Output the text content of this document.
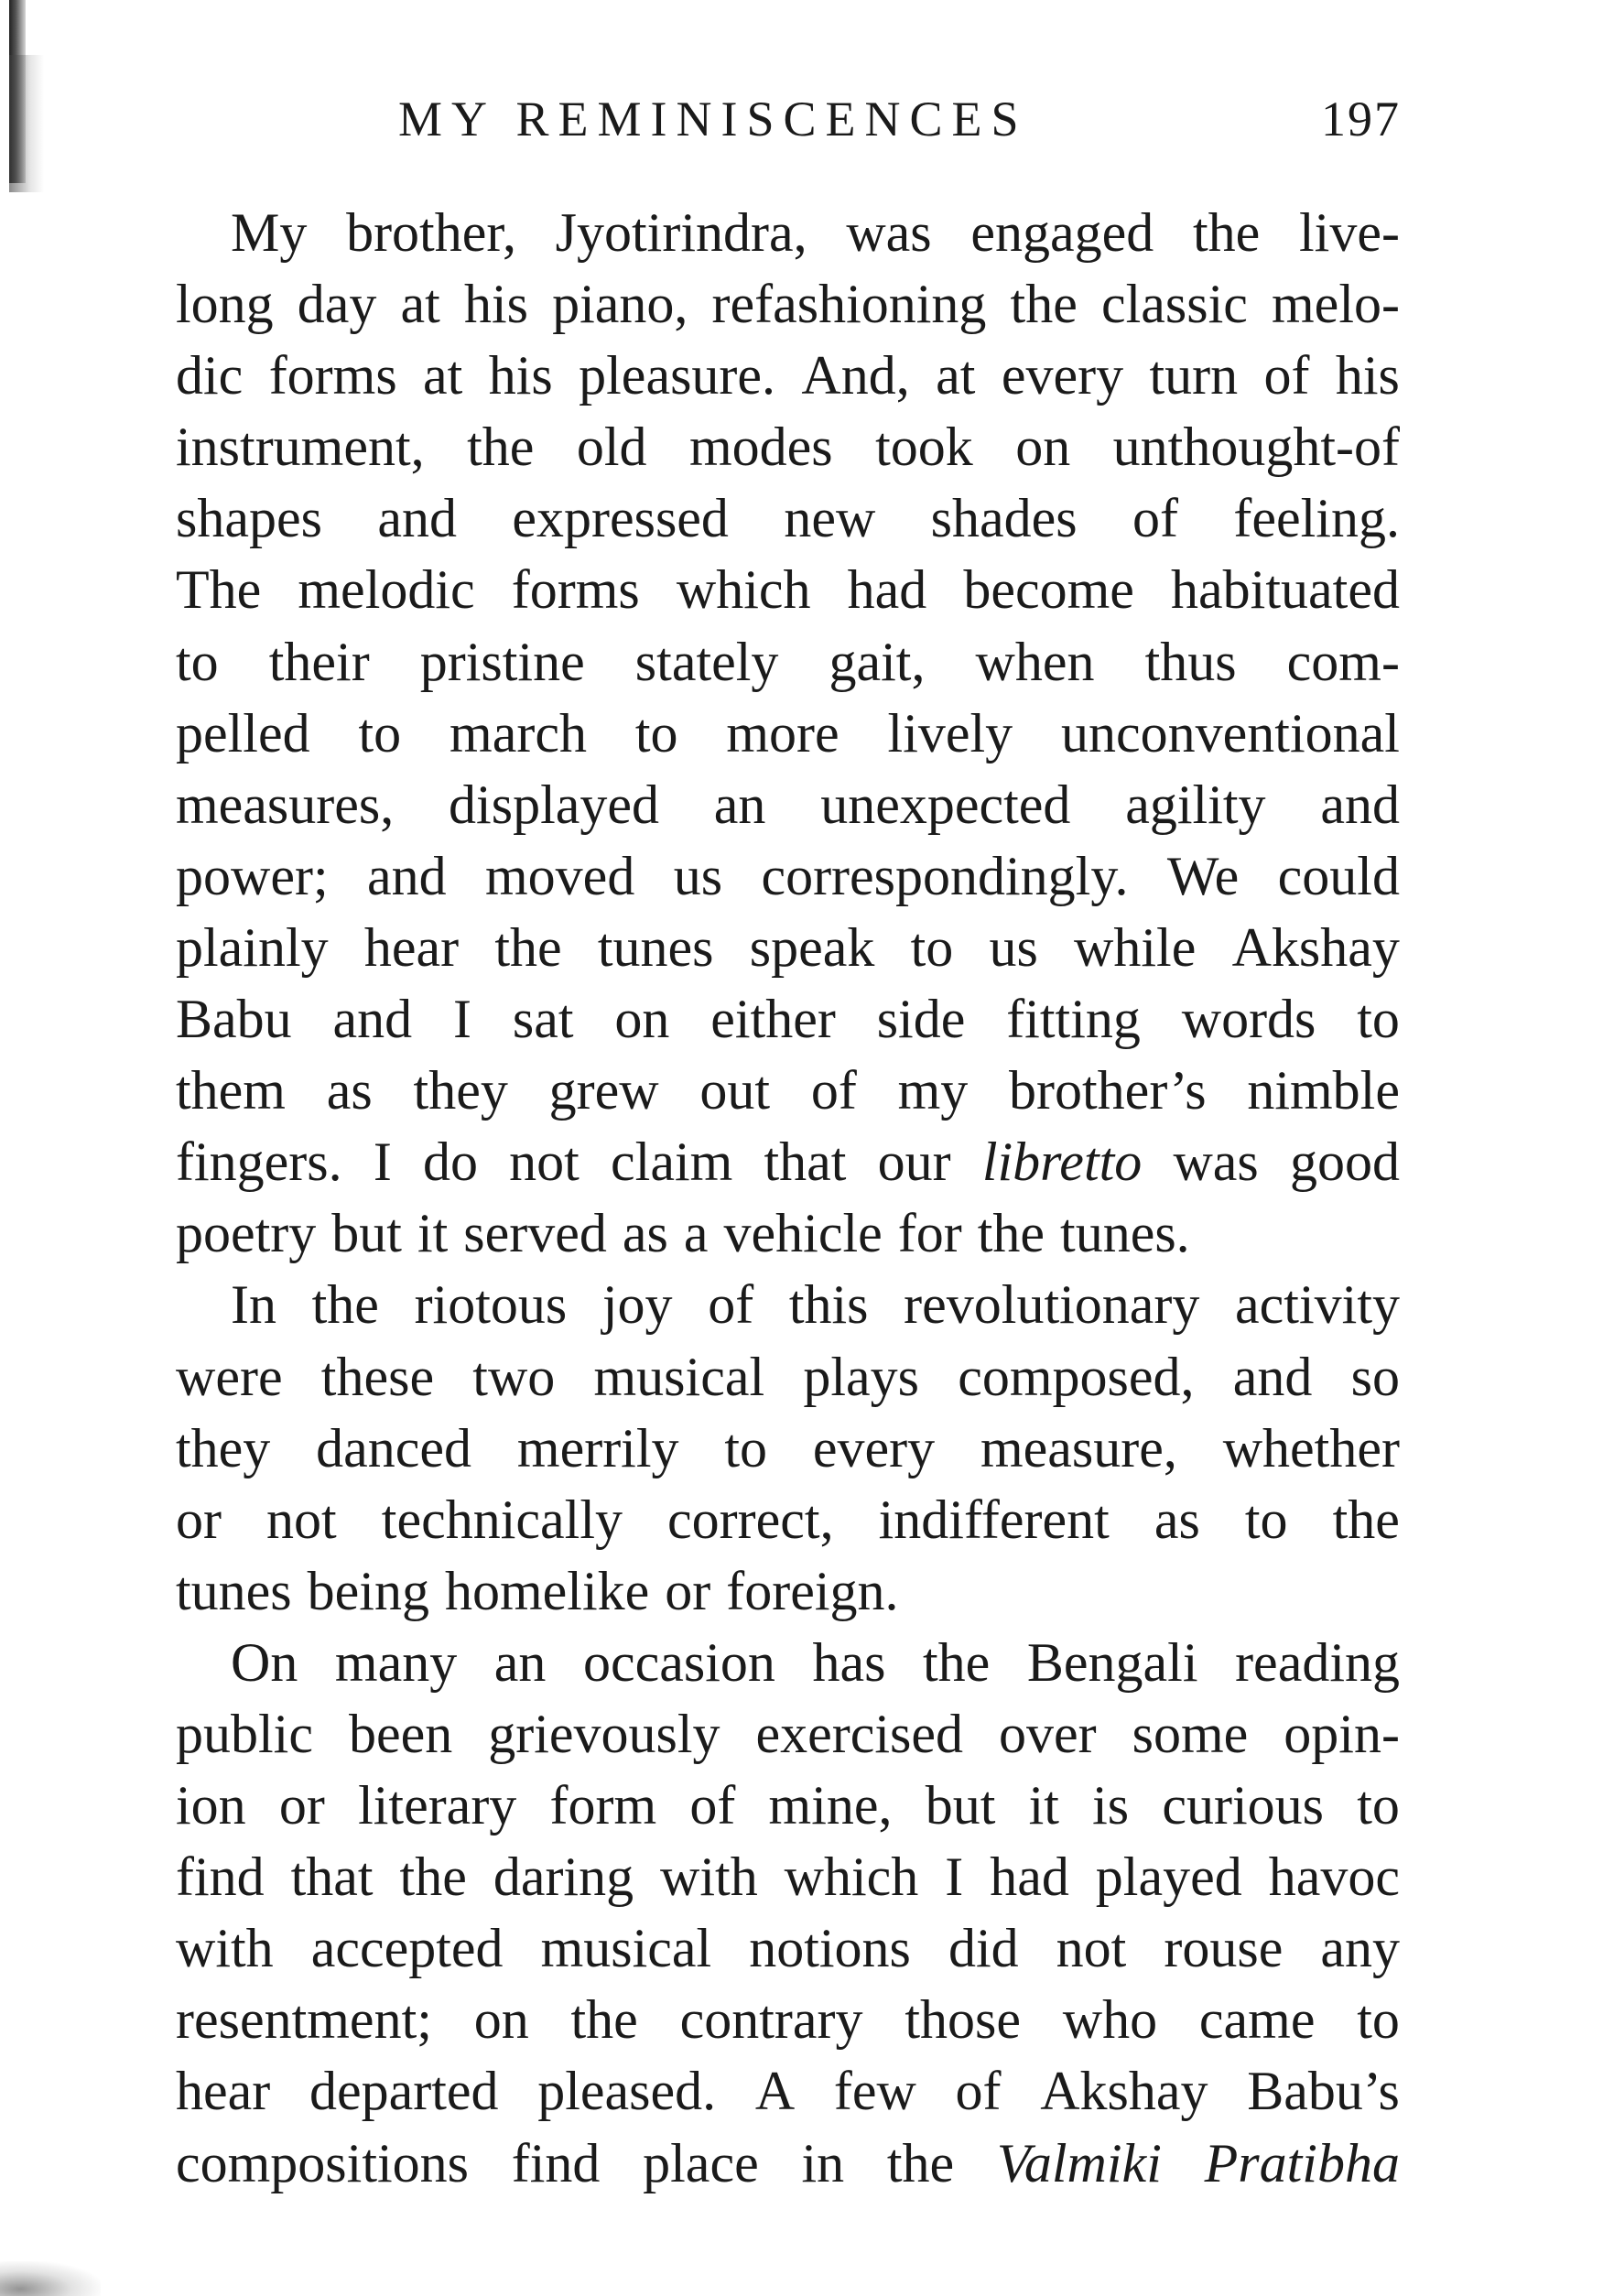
MY REMINISCENCES	197
My brother, Jyotirindra, was engaged the live-
long day at his piano, refashioning the classic melo-
dic forms at his pleasure. And, at every turn of his
instrument, the old modes took on unthought-of
shapes and expressed new shades of feeling.
The melodic forms which had become habituated
to their pristine stately gait, when thus com-
pelled to march to more lively unconventional
measures, displayed an unexpected agility and
power; and moved us correspondingly. We could
plainly hear the tunes speak to us while Akshay
Babu and I sat on either side fitting words to
them as they grew out of my brother’s nimble
fingers. I do not claim that our libretto was good
poetry but it served as a vehicle for the tunes.
In the riotous joy of this revolutionary activity
were these two musical plays composed, and so
they danced merrily to every measure, whether
or not technically correct, indifferent as to the
tunes being homelike or foreign.
On many an occasion has the Bengali reading
public been grievously exercised over some opin-
ion or literary form of mine, but it is curious to
find that the daring with which I had played havoc
with accepted musical notions did not rouse any
resentment; on the contrary those who came to
hear departed pleased. A few of Akshay Babu’s
compositions find place in the Valmiki Pratibha
